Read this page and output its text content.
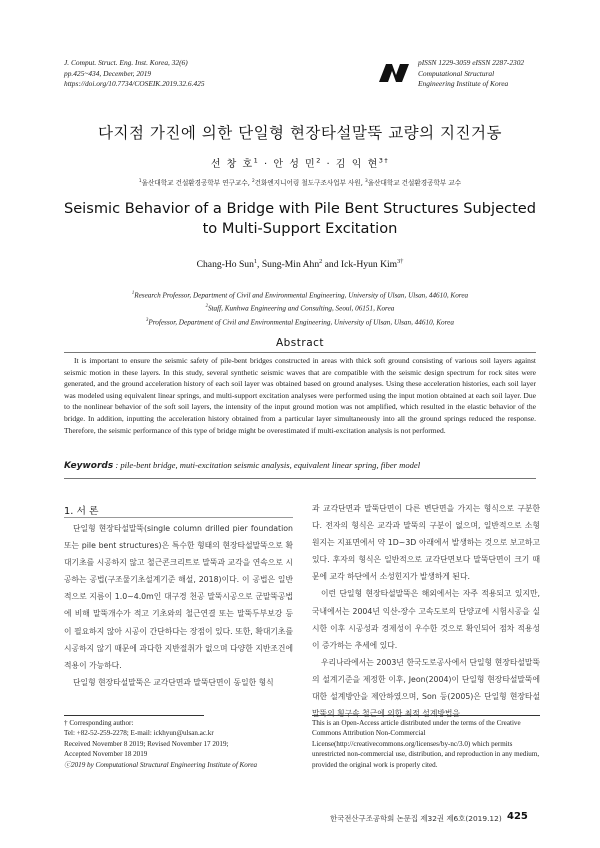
J. Comput. Struct. Eng. Inst. Korea, 32(6)
pp.425~434, December, 2019
https://doi.org/10.7734/COSEIK.2019.32.6.425
pISSN 1229-3059 eISSN 2287-2302
Computational Structural
Engineering Institute of Korea
다지점 가진에 의한 단일형 현장타설말뚝 교량의 지진거동
선 창 호$^1$ · 안 성 민$^2$ · 김 익 현$^{3\dagger}$
$^1$울산대학교 건설환경공학부 연구교수, $^2$건화엔지니어링 철도구조사업부 사원, $^3$울산대학교 건설환경공학부 교수
Seismic Behavior of a Bridge with Pile Bent Structures Subjected
to Multi-Support Excitation
Chang-Ho Sun$^1$, Sung-Min Ahn$^2$ and Ick-Hyun Kim$^{3\dagger}$
$^1$Research Professor, Department of Civil and Environmental Engineering, University of Ulsan, Ulsan, 44610, Korea
$^2$Staff, Kunhwa Engineering and Consulting, Seoul, 06151, Korea
$^3$Professor, Department of Civil and Environmental Engineering, University of Ulsan, Ulsan, 44610, Korea
Abstract
It is important to ensure the seismic safety of pile-bent bridges constructed in areas with thick soft ground consisting of various soil layers against seismic motion in these layers. In this study, several synthetic seismic waves that are compatible with the seismic design spectrum for rock sites were generated, and the ground acceleration history of each soil layer was obtained based on ground analyses. Using these acceleration histories, each soil layer was modeled using equivalent linear springs, and multi-support excitation analyses were performed using the input motion obtained at each soil layer. Due to the nonlinear behavior of the soft soil layers, the intensity of the input ground motion was not amplified, which resulted in the elastic behavior of the bridge. In addition, inputting the acceleration history obtained from a particular layer simultaneously into all the ground springs reduced the response. Therefore, the seismic performance of this type of bridge might be overestimated if multi-excitation analysis is not performed.
Keywords : pile-bent bridge, muti-excitation seismic analysis, equivalent linear spring, fiber model
1. 서 론
단일형 현장타설말뚝(single column drilled pier foundation 또는 pile bent structures)은 특수한 형태의 현장타설말뚝으로 확대기초를 시공하지 않고 철근콘크리트로 말뚝과 교각을 연속으로 시공하는 공법(구조물기초설계기준 해설, 2018)이다. 이 공법은 일반적으로 지름이 1.0~4.0m인 대구경 천공 말뚝시공으로 군말뚝공법에 비해 말뚝개수가 적고 기초와의 철근연결 또는 말뚝두부보강 등이 필요하지 않아 시공이 간단하다는 장점이 있다. 또한, 확대기초를 시공하지 않기 때문에 과다한 지반절취가 없으며 다양한 지반조건에 적용이 가능하다.
단일형 현장타설말뚝은 교각단면과 말뚝단면이 동일한 형식
과 교각단면과 말뚝단면이 다른 변단면을 가지는 형식으로 구분한다. 전자의 형식은 교각과 말뚝의 구분이 없으며, 일반적으로 소형원지는 지표면에서 약 1D~3D 아래에서 발생하는 것으로 보고하고 있다. 후자의 형식은 일반적으로 교각단면보다 말뚝단면이 크기 때문에 교각 하단에서 소성힌지가 발생하게 된다.
이런 단일형 현장타설말뚝은 해외에서는 자주 적용되고 있지만, 국내에서는 2004년 익산-장수 고속도로의 단양교에 시험시공을 실시한 이후 시공성과 경제성이 우수한 것으로 확인되어 점차 적용성이 증가하는 추세에 있다.
우리나라에서는 2003년 한국도로공사에서 단일형 현장타설말뚝의 설계기준을 제정한 이후, Jeon(2004)이 단일형 현장타설말뚝에 대한 설계방안을 제안하였으며, Son 등(2005)은 단일형 현장타설말뚝의 횡구속 철근에 의한 최적 설계방법을
† Corresponding author:
Tel: +82-52-259-2278; E-mail: ickhyun@ulsan.ac.kr
Received November 8 2019; Revised November 17 2019;
Accepted November 18 2019
ⓒ2019 by Computational Structural Engineering Institute of Korea
This is an Open-Access article distributed under the terms of the Creative Commons Attribution Non-Commercial License(http://creativecommons.org/licenses/by-nc/3.0) which permits unrestricted non-commercial use, distribution, and reproduction in any medium, provided the original work is properly cited.
한국전산구조공학회 논문집 제32권 제6호(2019.12) 425
